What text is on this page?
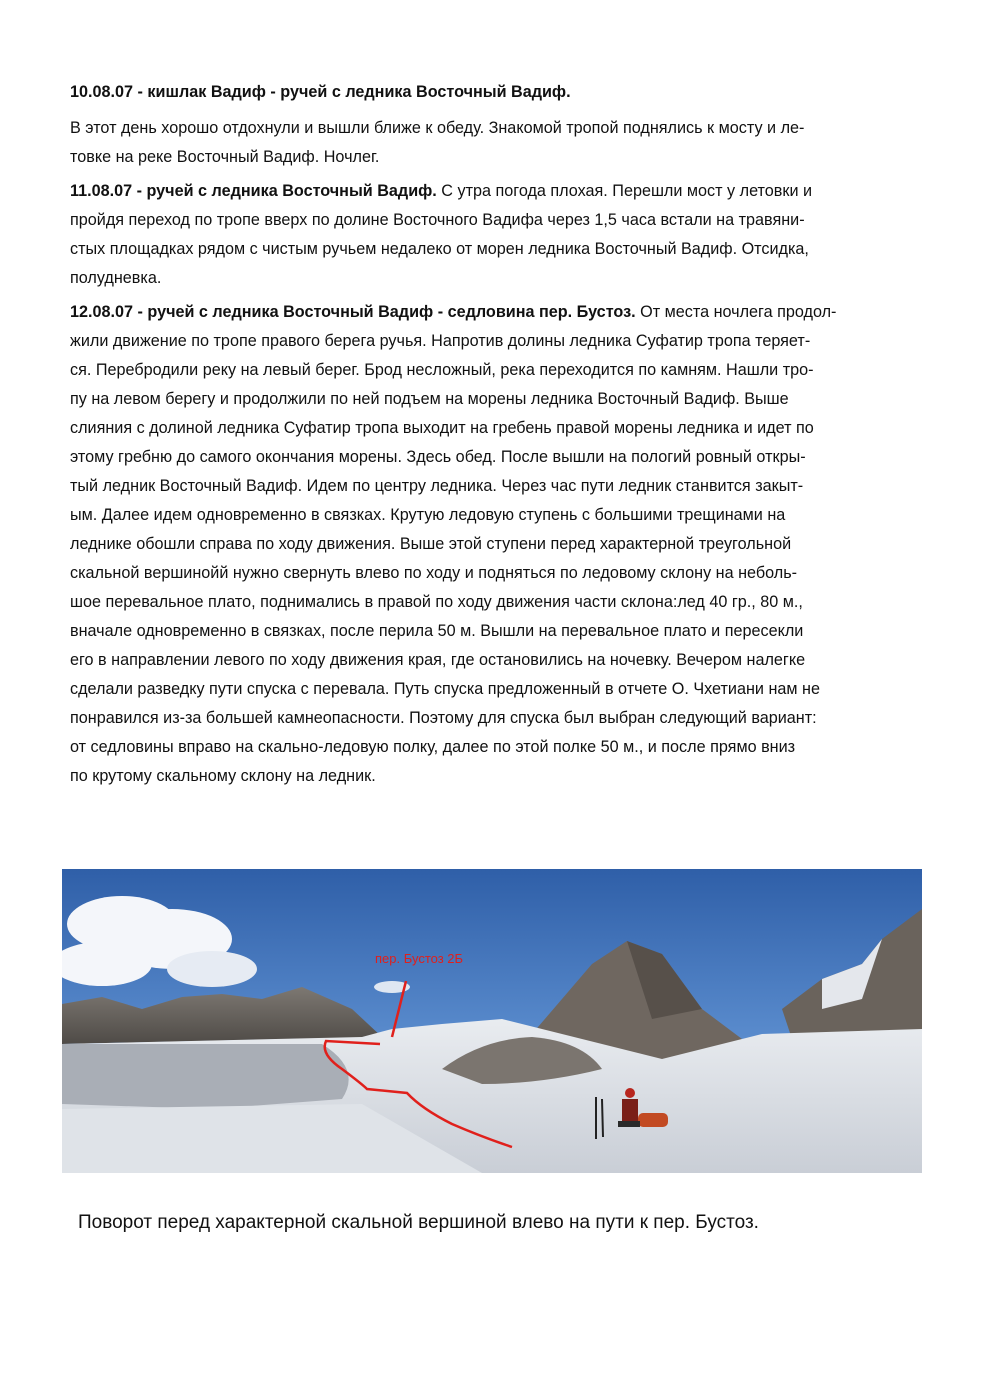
10.08.07 - кишлак Вадиф - ручей с ледника Восточный Вадиф.
В этот день хорошо отдохнули и вышли ближе к обеду. Знакомой тропой поднялись к мосту и ле-
товке на реке Восточный Вадиф. Ночлег.
11.08.07 - ручей с ледника Восточный Вадиф. С утра погода плохая. Перешли мост у летовки и
пройдя переход по тропе вверх по долине Восточного Вадифа через 1,5 часа встали на травяни-
стых площадках рядом с чистым ручьем недалеко от морен ледника Восточный Вадиф. Отсидка,
полудневка.
12.08.07 - ручей с ледника Восточный Вадиф - седловина пер. Бустоз. От места ночлега продол-
жили движение по тропе правого берега ручья. Напротив долины ледника Суфатир тропа теряет-
ся. Перебродили реку на левый берег. Брод несложный, река переходится по камням. Нашли тро-
пу на левом берегу и продолжили по ней подъем на морены ледника Восточный Вадиф. Выше
слияния с долиной ледника Суфатир тропа выходит на гребень правой морены ледника и идет по
этому гребню до самого окончания морены. Здесь обед. После вышли на пологий ровный откры-
тый ледник Восточный Вадиф. Идем по центру ледника. Через час пути ледник станвится закыт-
ым. Далее идем одновременно в связках. Крутую ледовую ступень с большими трещинами на
леднике обошли справа по ходу движения. Выше этой ступени перед характерной треугольной
скальной вершинойй нужно свернуть влево по ходу и подняться по ледовому склону на неболь-
шое перевальное плато, поднимались в правой по ходу движения части склона:лед 40 гр., 80 м.,
вначале одновременно в связках, после перила 50 м. Вышли на перевальное плато и пересекли
его в направлении левого по ходу движения края, где остановились на ночевку. Вечером налегке
сделали разведку пути спуска с перевала. Путь спуска предложенный в отчете О. Чхетиани нам не
понравился из-за большей камнеопасности. Поэтому для спуска был выбран следующий вариант:
от седловины вправо на скально-ледовую полку, далее по этой полке 50 м., и после прямо вниз
по крутому скальному склону на ледник.

пер. Бустоз 2Б
Поворот перед характерной скальной вершиной влево на пути к пер. Бустоз.
